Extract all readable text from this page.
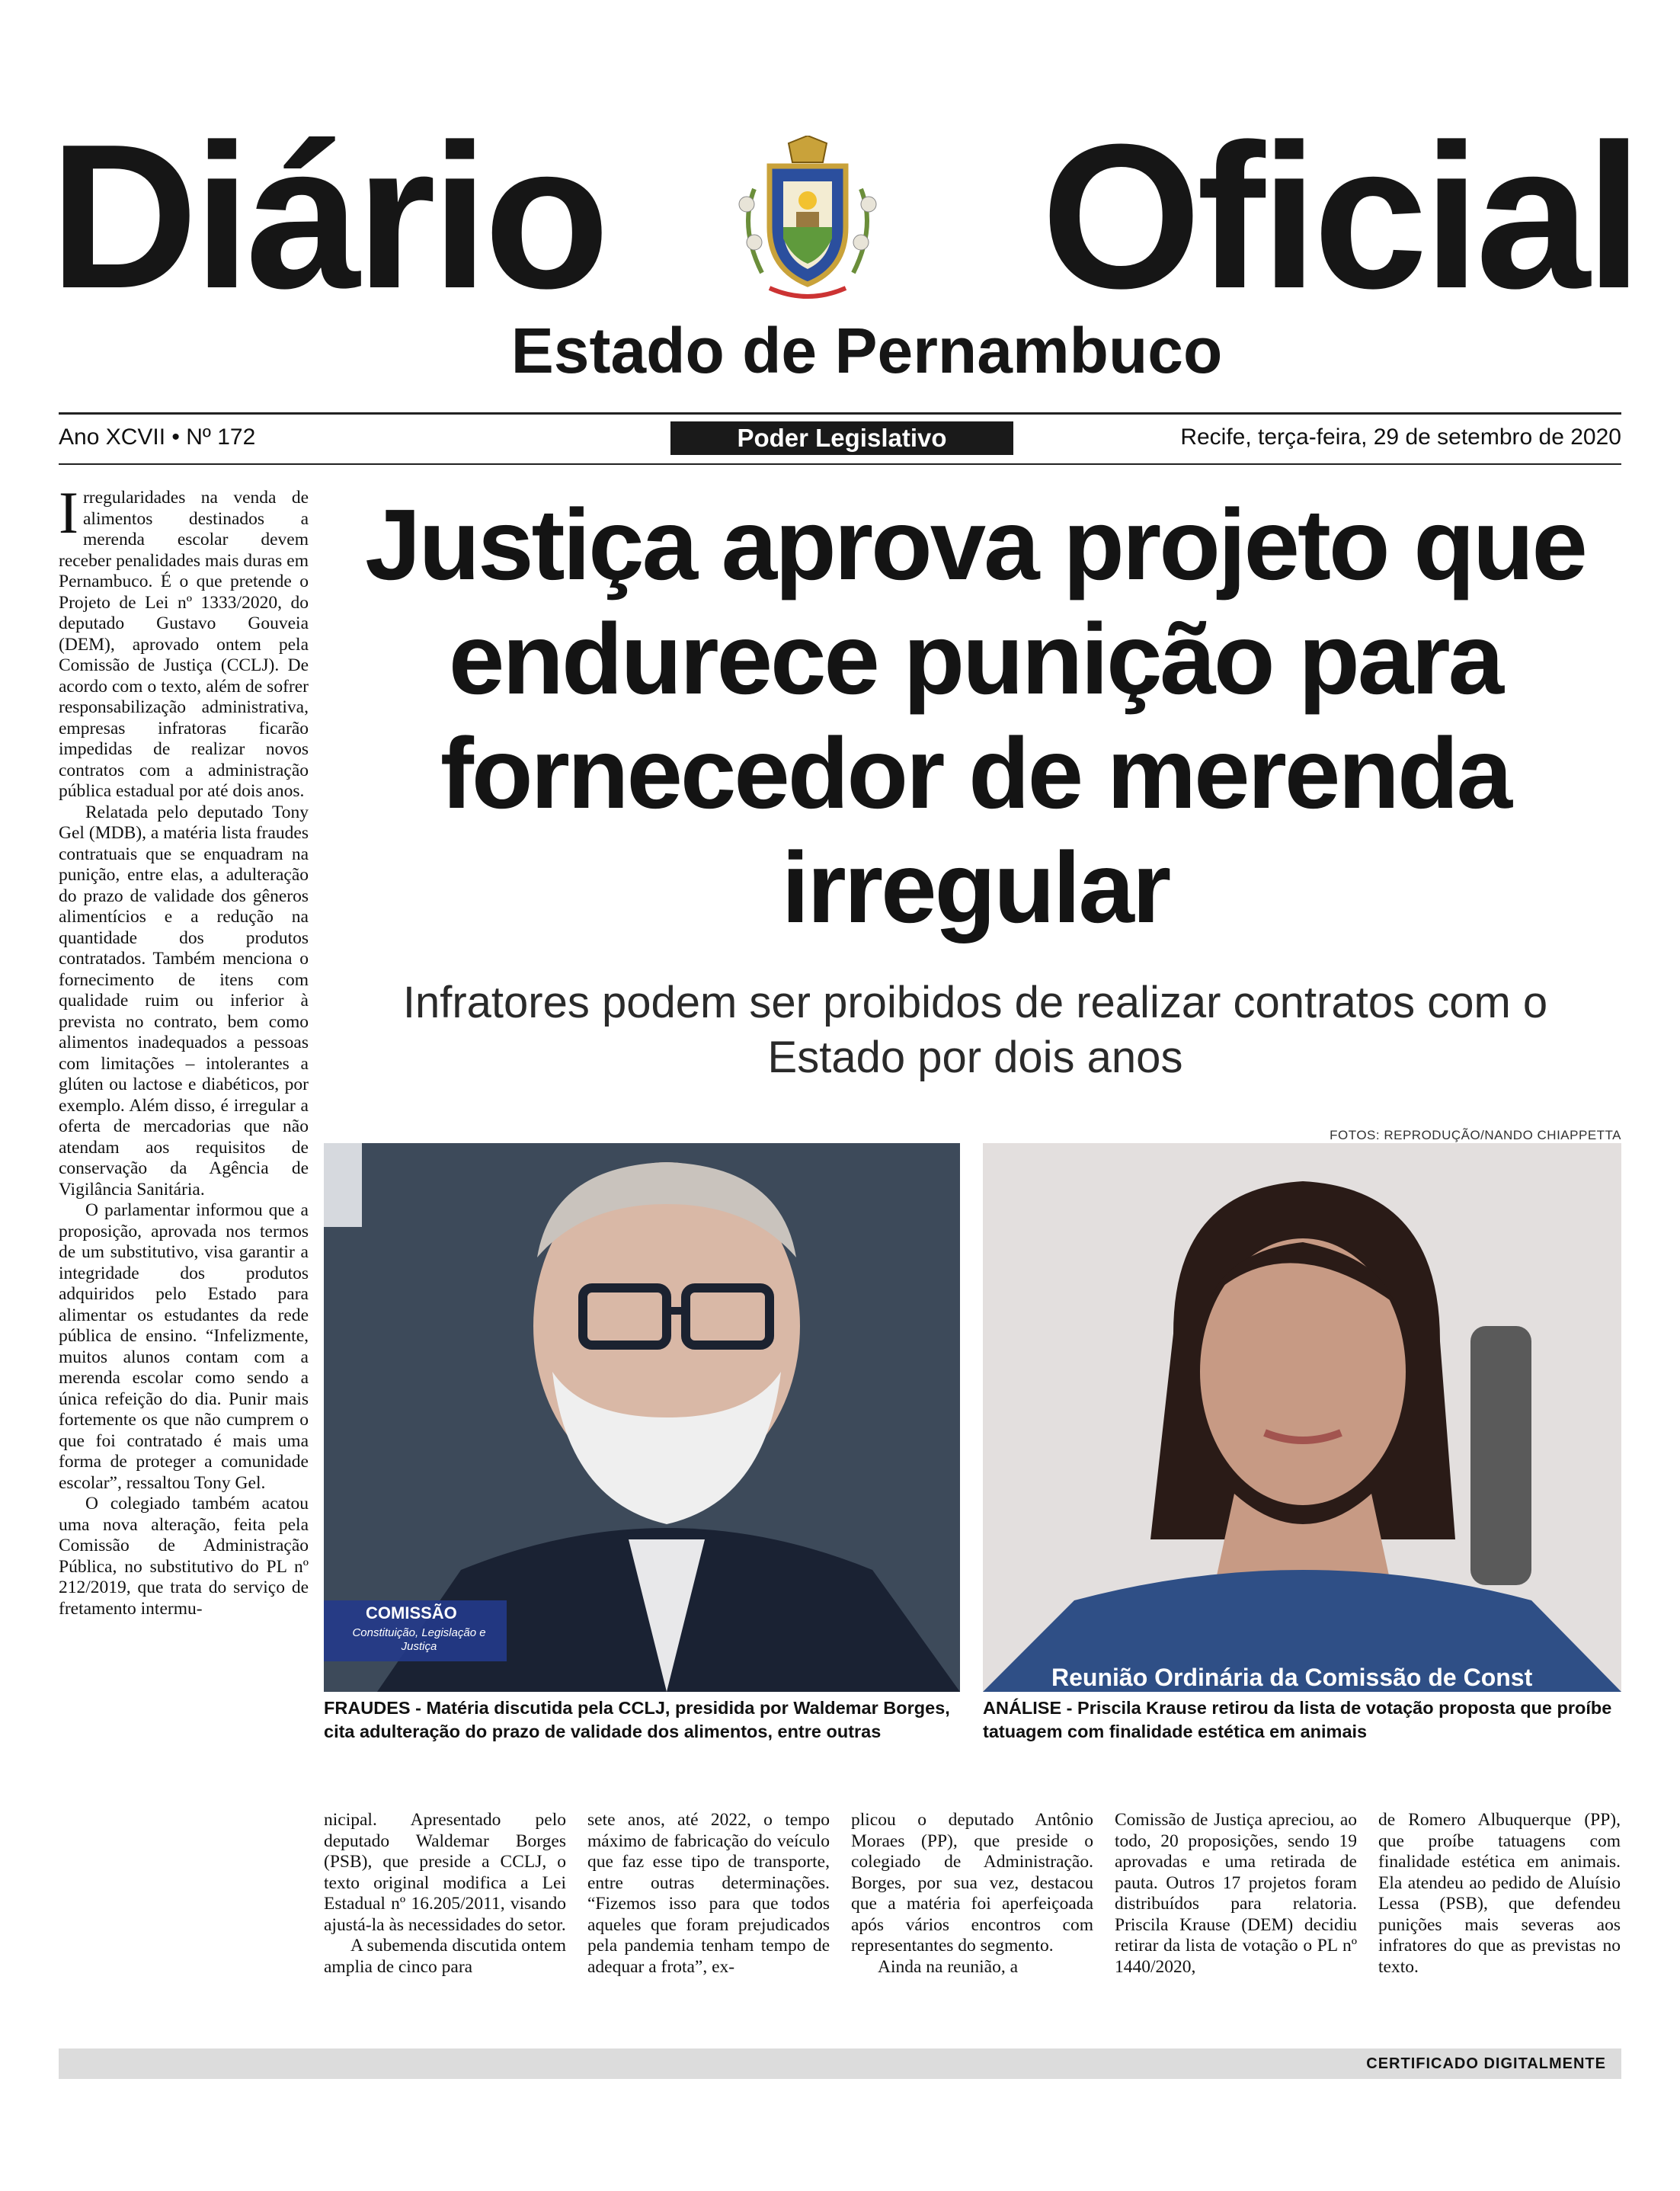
Diário Oficial
Estado de Pernambuco
Ano XCVII • Nº 172	Poder Legislativo	Recife, terça-feira, 29 de setembro de 2020

Irregularidades na venda de alimentos destinados a merenda escolar devem receber penalidades mais duras em Pernambuco. É o que pretende o Projeto de Lei nº 1333/2020, do deputado Gustavo Gouveia (DEM), aprovado ontem pela Comissão de Justiça (CCLJ). De acordo com o texto, além de sofrer responsabilização administrativa, empresas infratoras ficarão impedidas de realizar novos contratos com a administração pública estadual por até dois anos.

Relatada pelo deputado Tony Gel (MDB), a matéria lista fraudes contratuais que se enquadram na punição, entre elas, a adulteração do prazo de validade dos gêneros alimentícios e a redução na quantidade dos produtos contratados. Também menciona o fornecimento de itens com qualidade ruim ou inferior à prevista no contrato, bem como alimentos inadequados a pessoas com limitações – intolerantes a glúten ou lactose e diabéticos, por exemplo. Além disso, é irregular a oferta de mercadorias que não atendam aos requisitos de conservação da Agência de Vigilância Sanitária.

O parlamentar informou que a proposição, aprovada nos termos de um substitutivo, visa garantir a integridade dos produtos adquiridos pelo Estado para alimentar os estudantes da rede pública de ensino. “Infelizmente, muitos alunos contam com a merenda escolar como sendo a única refeição do dia. Punir mais fortemente os que não cumprem o que foi contratado é mais uma forma de proteger a comunidade escolar”, ressaltou Tony Gel.

O colegiado também acatou uma nova alteração, feita pela Comissão de Administração Pública, no substitutivo do PL nº 212/2019, que trata do serviço de fretamento intermu-

Justiça aprova projeto que endurece punição para fornecedor de merenda irregular
Infratores podem ser proibidos de realizar contratos com o Estado por dois anos
FOTOS: REPRODUÇÃO/NANDO CHIAPPETTA
COMISSÃO
Constituição, Legislação e Justiça
FRAUDES - Matéria discutida pela CCLJ, presidida por Waldemar Borges, cita adulteração do prazo de validade dos alimentos, entre outras
Reunião Ordinária da Comissão de Const
ANÁLISE - Priscila Krause retirou da lista de votação proposta que proíbe tatuagem com finalidade estética em animais

nicipal. Apresentado pelo deputado Waldemar Borges (PSB), que preside a CCLJ, o texto original modifica a Lei Estadual nº 16.205/2011, visando ajustá-la às necessidades do setor.

A subemenda discutida ontem amplia de cinco para

sete anos, até 2022, o tempo máximo de fabricação do veículo que faz esse tipo de transporte, entre outras determinações. “Fizemos isso para que todos aqueles que foram prejudicados pela pandemia tenham tempo de adequar a frota”, ex-

plicou o deputado Antônio Moraes (PP), que preside o colegiado de Administração. Borges, por sua vez, destacou que a matéria foi aperfeiçoada após vários encontros com representantes do segmento.

Ainda na reunião, a

Comissão de Justiça apreciou, ao todo, 20 proposições, sendo 19 aprovadas e uma retirada de pauta. Outros 17 projetos foram distribuídos para relatoria. Priscila Krause (DEM) decidiu retirar da lista de votação o PL nº 1440/2020,

de Romero Albuquerque (PP), que proíbe tatuagens com finalidade estética em animais. Ela atendeu ao pedido de Aluísio Lessa (PSB), que defendeu punições mais severas aos infratores do que as previstas no texto.

CERTIFICADO DIGITALMENTE
